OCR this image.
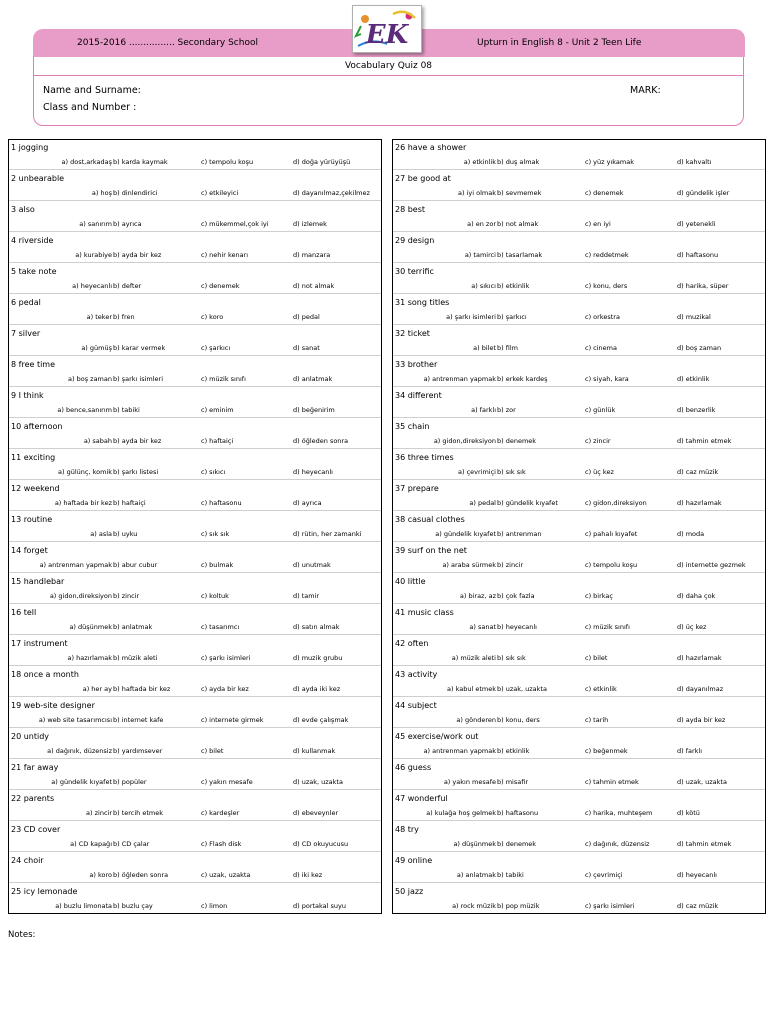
2015-2016 ................ Secondary School	Upturn in English 8 - Unit 2 Teen Life
EK
Vocabulary Quiz 08
Name and Surname:
Class and Number :
MARK:
1 jogging
a) dost,arkadaş b) karda kaymak	c) tempolu koşu	d) doğa yürüyüşü
2 unbearable
a) hoş b) dinlendirici	c) etkileyici	d) dayanılmaz,çekilmez
3 also
a) sanırım b) ayrıca	c) mükemmel,çok iyi	d) izlemek
4 riverside
a) kurabiye b) ayda bir kez	c) nehir kenarı	d) manzara
5 take note
a) heyecanlı b) defter	c) denemek	d) not almak
6 pedal
a) teker b) fren	c) koro	d) pedal
7 silver
a) gümüş b) karar vermek	c) şarkıcı	d) sanat
8 free time
a) boş zaman b) şarkı isimleri	c) müzik sınıfı	d) anlatmak
9 I think
a) bence,sanırım b) tabiki	c) eminim	d) beğenirim
10 afternoon
a) sabah b) ayda bir kez	c) haftaiçi	d) öğleden sonra
11 exciting
a) gülünç, komik b) şarkı listesi	c) sıkıcı	d) heyecanlı
12 weekend
a) haftada bir kez b) haftaiçi	c) haftasonu	d) ayrıca
13 routine
a) asla b) uyku	c) sık sık	d) rütin, her zamanki
14 forget
a) antrenman yapmak b) abur cubur	c) bulmak	d) unutmak
15 handlebar
a) gidon,direksiyon b) zincir	c) koltuk	d) tamir
16 tell
a) düşünmek b) anlatmak	c) tasarımcı	d) satın almak
17 instrument
a) hazırlamak b) müzik aleti	c) şarkı isimleri	d) muzik grubu
18 once a month
a) her ay b) haftada bir kez	c) ayda bir kez	d) ayda iki kez
19 web-site designer
a) web site tasarımcısı b) internet kafe	c) internete girmek	d) evde çalışmak
20 untidy
a) dağınık, düzensiz b) yardımsever	c) bilet	d) kullanmak
21 far away
a) gündelik kıyafet b) popüler	c) yakın mesafe	d) uzak, uzakta
22 parents
a) zincir b) tercih etmek	c) kardeşler	d) ebeveynler
23 CD cover
a) CD kapağı b) CD çalar	c) Flash disk	d) CD okuyucusu
24 choir
a) koro b) öğleden sonra	c) uzak, uzakta	d) iki kez
25 icy lemonade
a) buzlu limonata b) buzlu çay	c) limon	d) portakal suyu
26 have a shower
a) etkinlik b) duş almak	c) yüz yıkamak	d) kahvaltı
27 be good at
a) iyi olmak b) sevmemek	c) denemek	d) gündelik işler
28 best
a) en zor b) not almak	c) en iyi	d) yetenekli
29 design
a) tamirci b) tasarlamak	c) reddetmek	d) haftasonu
30 terrific
a) sıkıcı b) etkinlik	c) konu, ders	d) harika, süper
31 song titles
a) şarkı isimleri b) şarkıcı	c) orkestra	d) muzikal
32 ticket
a) bilet b) film	c) cinema	d) boş zaman
33 brother
a) antrenman yapmak b) erkek kardeş	c) siyah, kara	d) etkinlik
34 different
a) farklı b) zor	c) günlük	d) benzerlik
35 chain
a) gidon,direksiyon b) denemek	c) zincir	d) tahmin etmek
36 three times
a) çevrimiçi b) sık sık	c) üç kez	d) caz müzik
37 prepare
a) pedal b) gündelik kıyafet	c) gidon,direksiyon	d) hazırlamak
38 casual clothes
a) gündelik kıyafet b) antrenman	c) pahalı kıyafet	d) moda
39 surf on the net
a) araba sürmek b) zincir	c) tempolu koşu	d) internette gezmek
40 little
a) biraz, az b) çok fazla	c) birkaç	d) daha çok
41 music class
a) sanat b) heyecanlı	c) müzik sınıfı	d) üç kez
42 often
a) müzik aleti b) sık sık	c) bilet	d) hazırlamak
43 activity
a) kabul etmek b) uzak, uzakta	c) etkinlik	d) dayanılmaz
44 subject
a) gönderen b) konu, ders	c) tarih	d) ayda bir kez
45 exercise/work out
a) antrenman yapmak b) etkinlik	c) beğenmek	d) farklı
46 guess
a) yakın mesafe b) misafir	c) tahmin etmek	d) uzak, uzakta
47 wonderful
a) kulağa hoş gelmek b) haftasonu	c) harika, muhteşem	d) kötü
48 try
a) düşünmek b) denemek	c) dağınık, düzensiz	d) tahmin etmek
49 online
a) anlatmak b) tabiki	c) çevrimiçi	d) heyecanlı
50 jazz
a) rock müzik b) pop müzik	c) şarkı isimleri	d) caz müzik
Notes:
